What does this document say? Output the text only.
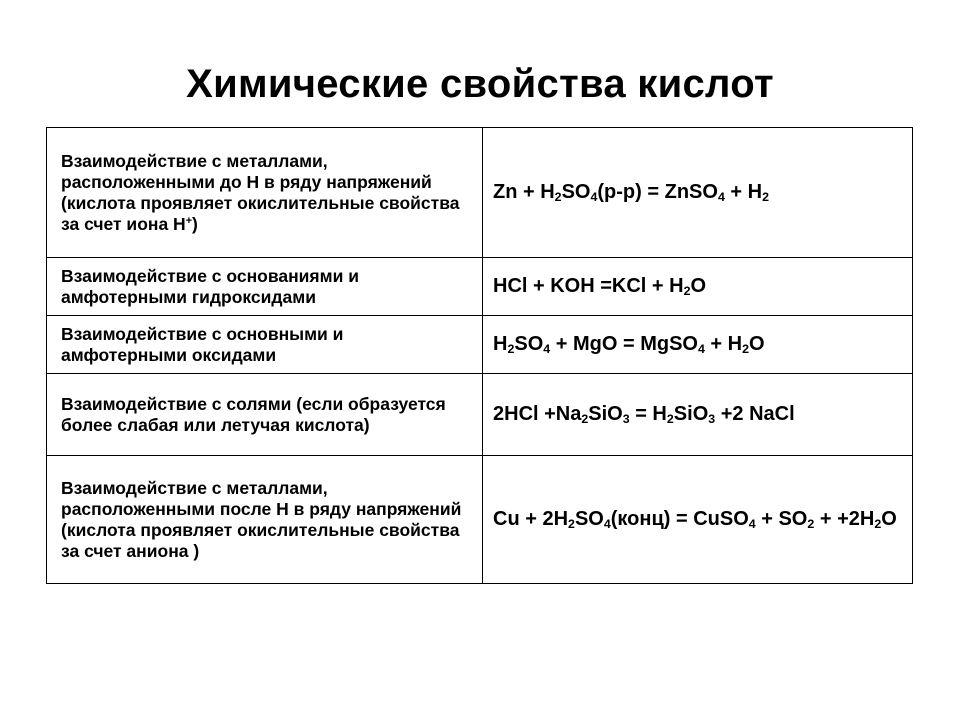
Химические свойства кислот
Взаимодействие с металлами, расположенными до H в ряду напряжений (кислота проявляет окислительные свойства за счет иона H+)	$Zn + H_2SO_4(р-р)$ = ZnSO$_4$ + $H_2$
Взаимодействие с основаниями и амфотерными гидроксидами	HCl + KOH $=KCl + H_2O$
Взаимодействие с основными и амфотерными оксидами	$H_2SO_4$ + MgO = MgSO$_4$ + $H_2O$
Взаимодействие с солями (если образуется более слабая или летучая кислота)	$2HCl +Na_2SiO_3 = H_2SiO_3 +2$ NaCl
Взаимодействие с металлами, расположенными после H в ряду напряжений (кислота проявляет окислительные свойства за счет аниона )	$Cu + 2H_2SO_4(конц)$ = CuSO$_4$ + $SO_2 + +2H_2O$
